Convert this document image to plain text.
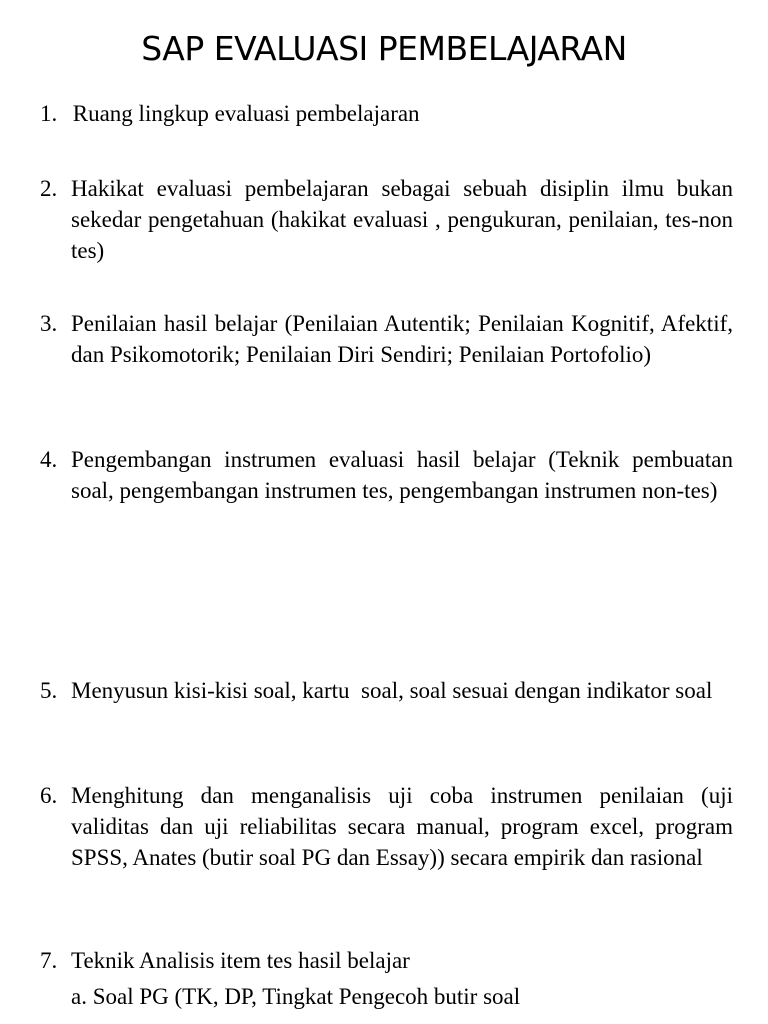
SAP EVALUASI PEMBELAJARAN
1. Ruang lingkup evaluasi pembelajaran
2. Hakikat evaluasi pembelajaran sebagai sebuah disiplin ilmu bukan sekedar pengetahuan (hakikat evaluasi , pengukuran, penilaian, tes-non tes)
3. Penilaian hasil belajar (Penilaian Autentik; Penilaian Kognitif, Afektif, dan Psikomotorik; Penilaian Diri Sendiri; Penilaian Portofolio)
4. Pengembangan instrumen evaluasi hasil belajar (Teknik pembuatan soal, pengembangan instrumen tes, pengembangan instrumen non-tes)
5. Menyusun kisi-kisi soal, kartu  soal, soal sesuai dengan indikator soal
6. Menghitung dan menganalisis uji coba instrumen penilaian (uji validitas dan uji reliabilitas secara manual, program excel, program SPSS, Anates (butir soal PG dan Essay)) secara empirik dan rasional
7. Teknik Analisis item tes hasil belajar
a. Soal PG (TK, DP, Tingkat Pengecoh butir soal
